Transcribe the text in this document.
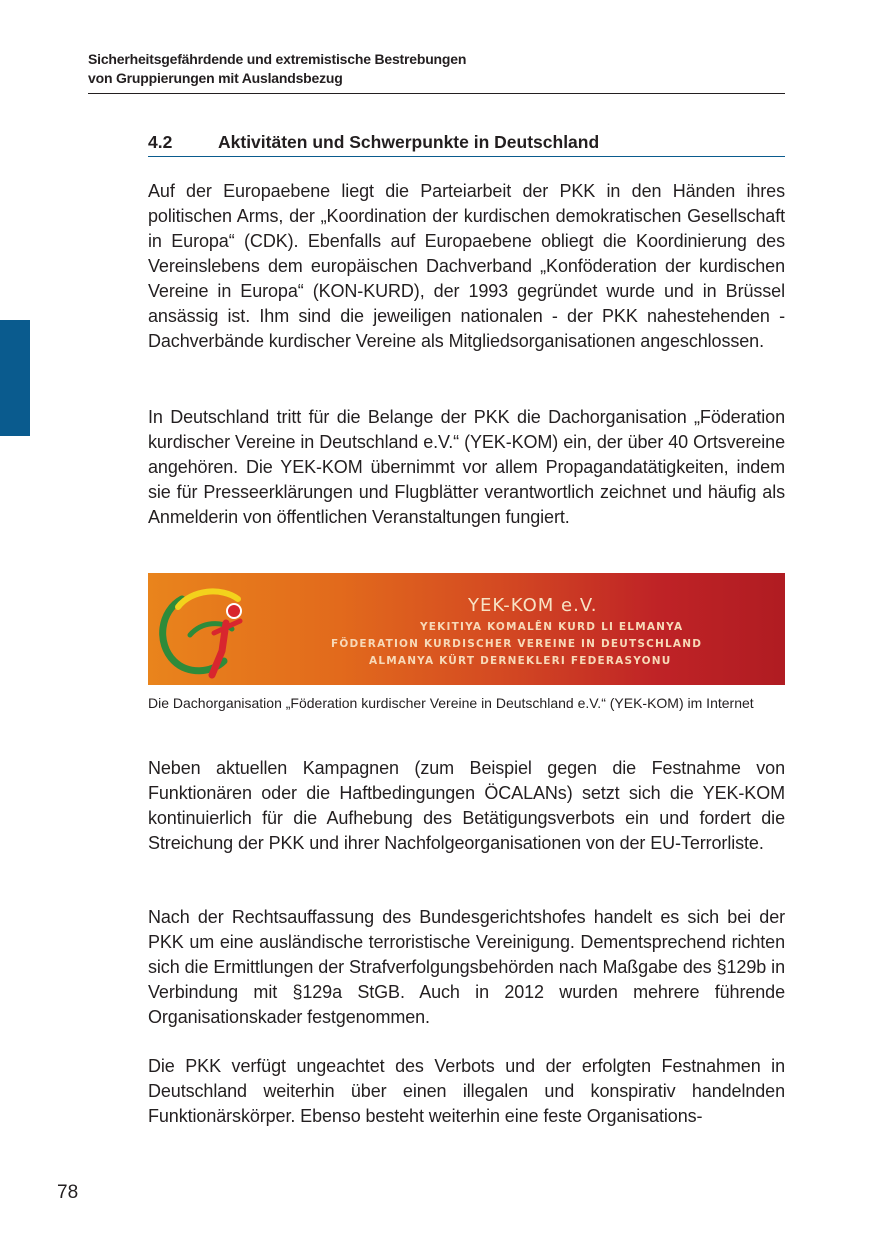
Sicherheitsgefährdende und extremistische Bestrebungen
von Gruppierungen mit Auslandsbezug
4.2	Aktivitäten und Schwerpunkte in Deutschland

Auf der Europaebene liegt die Parteiarbeit der PKK in den Händen ihres politischen Arms, der „Koordination der kurdischen demokratischen Gesellschaft in Europa“ (CDK). Ebenfalls auf Europaebene obliegt die Koordinierung des Vereinslebens dem europäischen Dachverband „Konföderation der kurdischen Vereine in Europa“ (KON-KURD), der 1993 gegründet wurde und in Brüssel ansässig ist. Ihm sind die jeweiligen nationalen - der PKK nahestehenden - Dachverbände kurdischer Vereine als Mitgliedsorganisationen angeschlossen.

In Deutschland tritt für die Belange der PKK die Dachorganisation „Föderation kurdischer Vereine in Deutschland e.V.“ (YEK-KOM) ein, der über 40 Ortsvereine angehören. Die YEK-KOM übernimmt vor allem Propagandatätigkeiten, indem sie für Presseerklärungen und Flugblätter verantwortlich zeichnet und häufig als Anmelderin von öffentlichen Veranstaltungen fungiert.

YEK-KOM e.V.
YEKITIYA KOMALÊN KURD LI ELMANYA
FÖDERATION KURDISCHER VEREINE IN DEUTSCHLAND
ALMANYA KÜRT DERNEKLERI FEDERASYONU
Die Dachorganisation „Föderation kurdischer Vereine in Deutschland e.V.“ (YEK-KOM) im Internet

Neben aktuellen Kampagnen (zum Beispiel gegen die Festnahme von Funktionären oder die Haftbedingungen ÖCALANs) setzt sich die YEK-KOM kontinuierlich für die Aufhebung des Betätigungsverbots ein und fordert die Streichung der PKK und ihrer Nachfolgeorganisationen von der EU-Terrorliste.

Nach der Rechtsauffassung des Bundesgerichtshofes handelt es sich bei der PKK um eine ausländische terroristische Vereinigung. Dementsprechend richten sich die Ermittlungen der Strafverfolgungsbehörden nach Maßgabe des §129b in Verbindung mit §129a StGB. Auch in 2012 wurden mehrere führende Organisationskader festgenommen.

Die PKK verfügt ungeachtet des Verbots und der erfolgten Festnahmen in Deutschland weiterhin über einen illegalen und konspirativ handelnden Funktionärskörper. Ebenso besteht weiterhin eine feste Organisations-

78
